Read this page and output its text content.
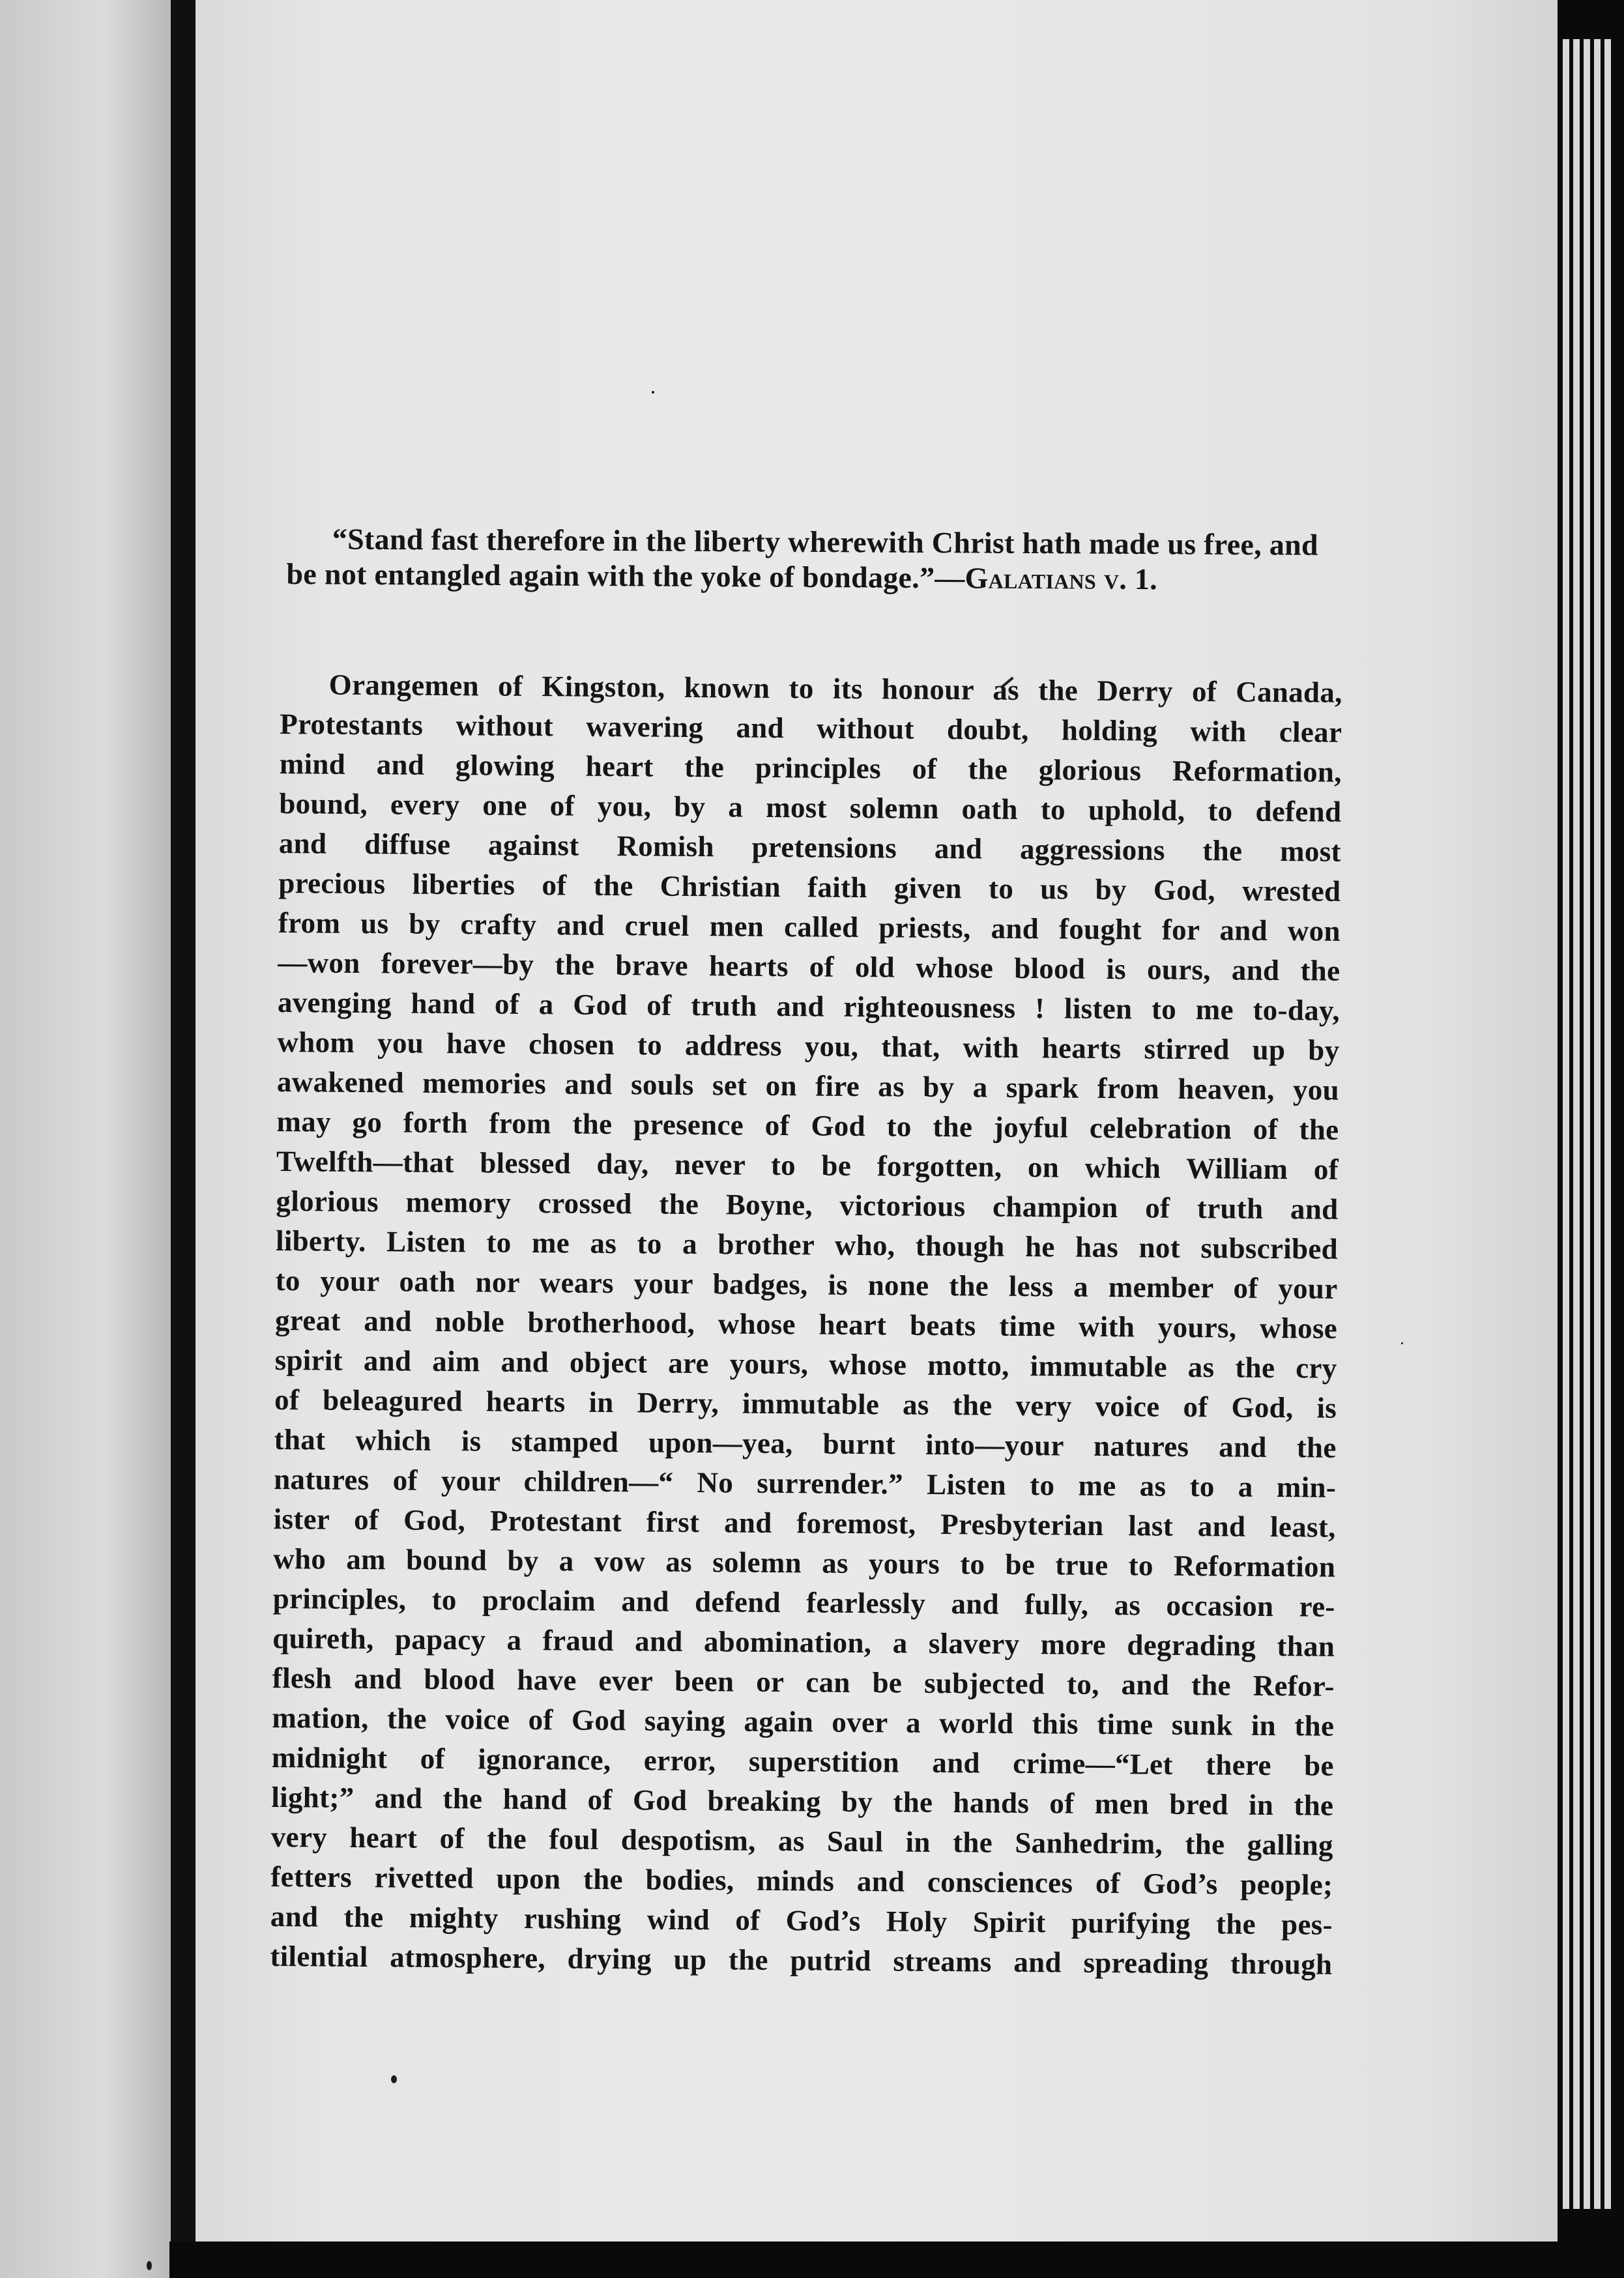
“Stand fast therefore in the liberty wherewith Christ hath made us free, and be not entangled again with the yoke of bondage.”—Galatians v. 1.
Orangemen of Kingston, known to its honour as the Derry of Canada,
Protestants without wavering and without doubt, holding with clear
mind and glowing heart the principles of the glorious Reformation,
bound, every one of you, by a most solemn oath to uphold, to defend
and diffuse against Romish pretensions and aggressions the most
precious liberties of the Christian faith given to us by God, wrested
from us by crafty and cruel men called priests, and fought for and won
—won forever—by the brave hearts of old whose blood is ours, and the
avenging hand of a God of truth and righteousness ! listen to me to-day,
whom you have chosen to address you, that, with hearts stirred up by
awakened memories and souls set on fire as by a spark from heaven, you
may go forth from the presence of God to the joyful celebration of the
Twelfth—that blessed day, never to be forgotten, on which William of
glorious memory crossed the Boyne, victorious champion of truth and
liberty. Listen to me as to a brother who, though he has not subscribed
to your oath nor wears your badges, is none the less a member of your
great and noble brotherhood, whose heart beats time with yours, whose
spirit and aim and object are yours, whose motto, immutable as the cry
of beleagured hearts in Derry, immutable as the very voice of God, is
that which is stamped upon—yea, burnt into—your natures and the
natures of your children—“ No surrender.” Listen to me as to a min-
ister of God, Protestant first and foremost, Presbyterian last and least,
who am bound by a vow as solemn as yours to be true to Reformation
principles, to proclaim and defend fearlessly and fully, as occasion re-
quireth, papacy a fraud and abomination, a slavery more degrading than
flesh and blood have ever been or can be subjected to, and the Refor-
mation, the voice of God saying again over a world this time sunk in the
midnight of ignorance, error, superstition and crime—“Let there be
light;” and the hand of God breaking by the hands of men bred in the
very heart of the foul despotism, as Saul in the Sanhedrim, the galling
fetters rivetted upon the bodies, minds and consciences of God’s people;
and the mighty rushing wind of God’s Holy Spirit purifying the pes-
tilential atmosphere, drying up the putrid streams and spreading through
